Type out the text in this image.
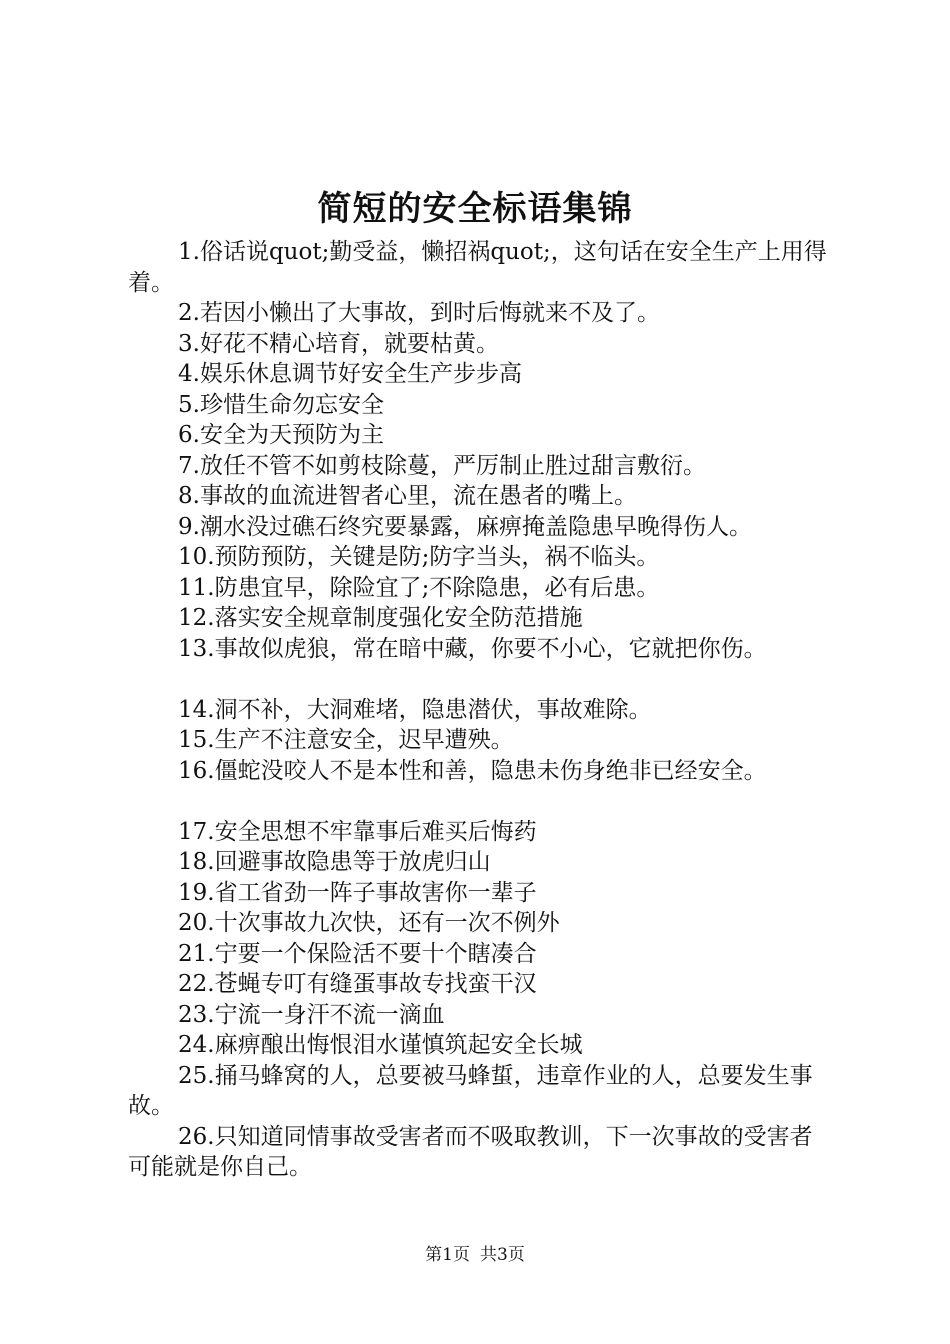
简短的安全标语集锦

1.俗话说quot;勤受益，懒招祸quot;，这句话在安全生产上用得着。

2.若因小懒出了大事故，到时后悔就来不及了。

3.好花不精心培育，就要枯黄。

4.娱乐休息调节好安全生产步步高

5.珍惜生命勿忘安全

6.安全为天预防为主

7.放任不管不如剪枝除蔓，严厉制止胜过甜言敷衍。

8.事故的血流进智者心里，流在愚者的嘴上。

9.潮水没过礁石终究要暴露，麻痹掩盖隐患早晚得伤人。

10.预防预防，关键是防;防字当头，祸不临头。

11.防患宜早，除险宜了;不除隐患，必有后患。

12.落实安全规章制度强化安全防范措施

13.事故似虎狼，常在暗中藏，你要不小心，它就把你伤。

14.洞不补，大洞难堵，隐患潜伏，事故难除。

15.生产不注意安全，迟早遭殃。

16.僵蛇没咬人不是本性和善，隐患未伤身绝非已经安全。

17.安全思想不牢靠事后难买后悔药

18.回避事故隐患等于放虎归山

19.省工省劲一阵子事故害你一辈子

20.十次事故九次快，还有一次不例外

21.宁要一个保险活不要十个瞎凑合

22.苍蝇专叮有缝蛋事故专找蛮干汉

23.宁流一身汗不流一滴血

24.麻痹酿出悔恨泪水谨慎筑起安全长城

25.捅马蜂窝的人，总要被马蜂蜇，违章作业的人，总要发生事故。

26.只知道同情事故受害者而不吸取教训，下一次事故的受害者可能就是你自己。

第1页 共3页
